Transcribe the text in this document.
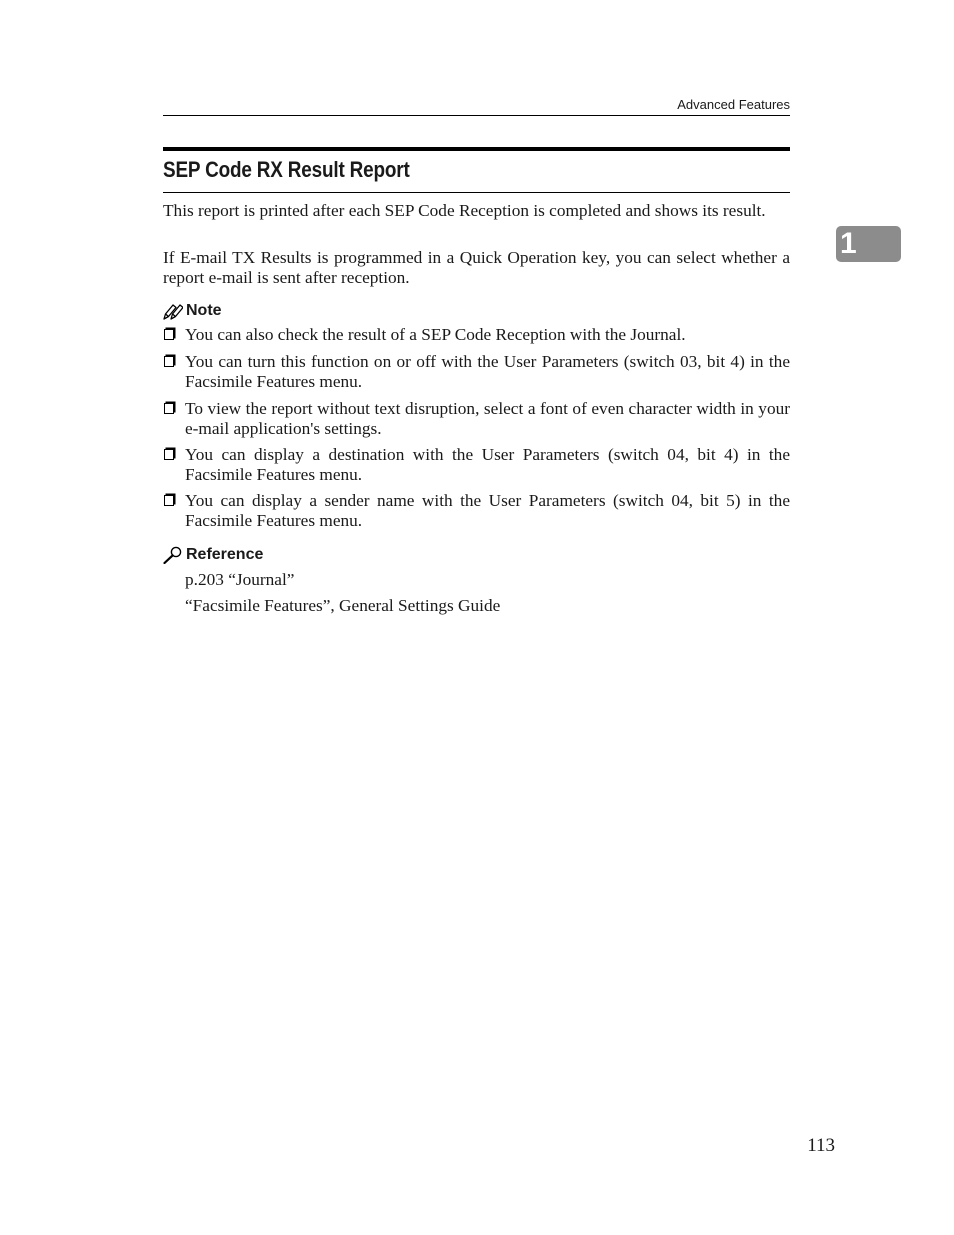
Advanced Features
SEP Code RX Result Report

This report is printed after each SEP Code Reception is completed and shows its result.

If E-mail TX Results is programmed in a Quick Operation key, you can select whether a report e-mail is sent after reception.

Note
You can also check the result of a SEP Code Reception with the Journal.
You can turn this function on or off with the User Parameters (switch 03, bit 4) in the Facsimile Features menu.
To view the report without text disruption, select a font of even character width in your e-mail application's settings.
You can display a destination with the User Parameters (switch 04, bit 4) in the Facsimile Features menu.
You can display a sender name with the User Parameters (switch 04, bit 5) in the Facsimile Features menu.
Reference
p.203 “Journal”
“Facsimile Features”, General Settings Guide
1
113
